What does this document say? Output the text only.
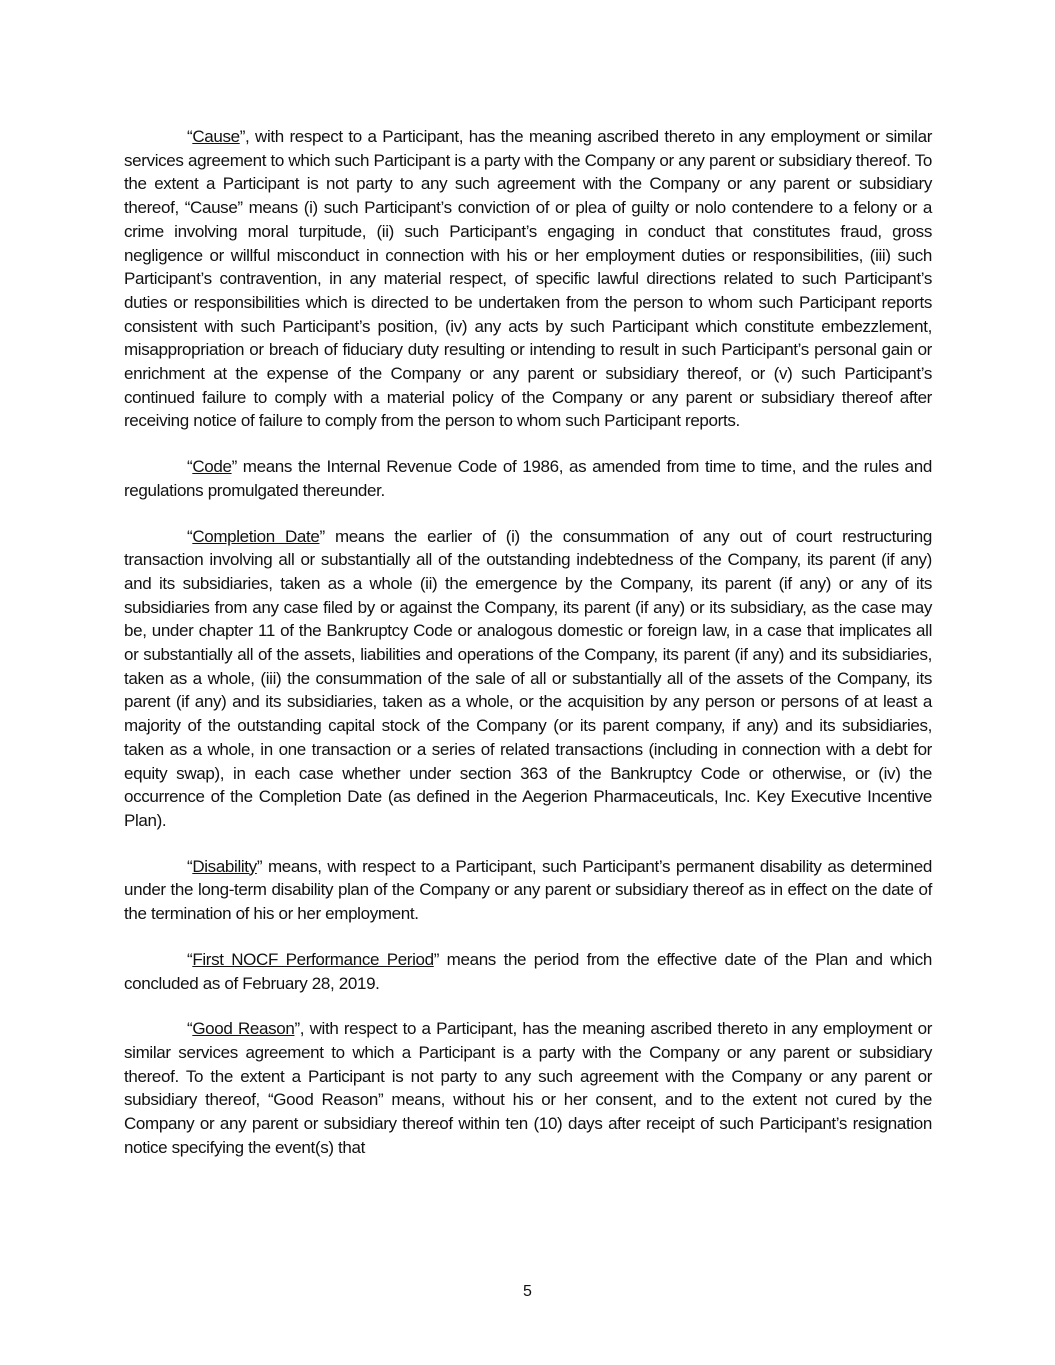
“Cause”, with respect to a Participant, has the meaning ascribed thereto in any employment or similar services agreement to which such Participant is a party with the Company or any parent or subsidiary thereof. To the extent a Participant is not party to any such agreement with the Company or any parent or subsidiary thereof, “Cause” means (i) such Participant’s conviction of or plea of guilty or nolo contendere to a felony or a crime involving moral turpitude, (ii) such Participant’s engaging in conduct that constitutes fraud, gross negligence or willful misconduct in connection with his or her employment duties or responsibilities, (iii) such Participant’s contravention, in any material respect, of specific lawful directions related to such Participant’s duties or responsibilities which is directed to be undertaken from the person to whom such Participant reports consistent with such Participant’s position, (iv) any acts by such Participant which constitute embezzlement, misappropriation or breach of fiduciary duty resulting or intending to result in such Participant’s personal gain or enrichment at the expense of the Company or any parent or subsidiary thereof, or (v) such Participant’s continued failure to comply with a material policy of the Company or any parent or subsidiary thereof after receiving notice of failure to comply from the person to whom such Participant reports.

“Code” means the Internal Revenue Code of 1986, as amended from time to time, and the rules and regulations promulgated thereunder.

“Completion Date” means the earlier of (i) the consummation of any out of court restructuring transaction involving all or substantially all of the outstanding indebtedness of the Company, its parent (if any) and its subsidiaries, taken as a whole (ii) the emergence by the Company, its parent (if any) or any of its subsidiaries from any case filed by or against the Company, its parent (if any) or its subsidiary, as the case may be, under chapter 11 of the Bankruptcy Code or analogous domestic or foreign law, in a case that implicates all or substantially all of the assets, liabilities and operations of the Company, its parent (if any) and its subsidiaries, taken as a whole, (iii) the consummation of the sale of all or substantially all of the assets of the Company, its parent (if any) and its subsidiaries, taken as a whole, or the acquisition by any person or persons of at least a majority of the outstanding capital stock of the Company (or its parent company, if any) and its subsidiaries, taken as a whole, in one transaction or a series of related transactions (including in connection with a debt for equity swap), in each case whether under section 363 of the Bankruptcy Code or otherwise, or (iv) the occurrence of the Completion Date (as defined in the Aegerion Pharmaceuticals, Inc. Key Executive Incentive Plan).

“Disability” means, with respect to a Participant, such Participant’s permanent disability as determined under the long-term disability plan of the Company or any parent or subsidiary thereof as in effect on the date of the termination of his or her employment.

“First NOCF Performance Period” means the period from the effective date of the Plan and which concluded as of February 28, 2019.

“Good Reason”, with respect to a Participant, has the meaning ascribed thereto in any employment or similar services agreement to which a Participant is a party with the Company or any parent or subsidiary thereof. To the extent a Participant is not party to any such agreement with the Company or any parent or subsidiary thereof, “Good Reason” means, without his or her consent, and to the extent not cured by the Company or any parent or subsidiary thereof within ten (10) days after receipt of such Participant’s resignation notice specifying the event(s) that

5
